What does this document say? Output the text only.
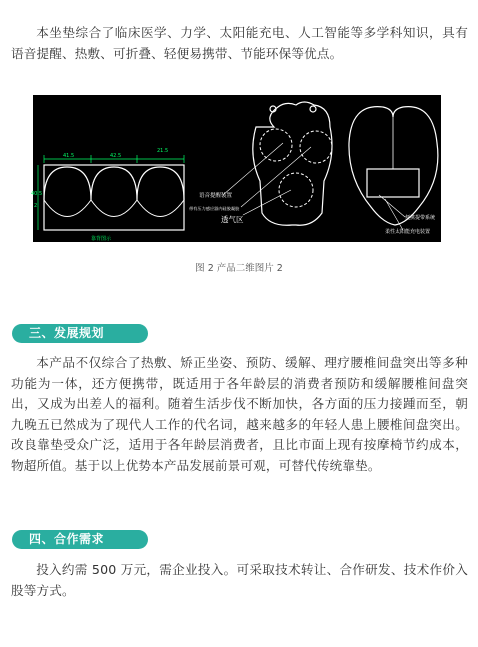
本坐垫综合了临床医学、力学、太阳能充电、人工智能等多学科知识，具有语音提醒、热敷、可折叠、轻便易携带、节能环保等优点。

41.5	42.5
21.5
40.5
2
靠背图示
语音提醒装置
带有压力感应器内硅胶凝胶
透气区	便携提带系统
柔性太阳能充电装置
图 2 产品二维图片 2
三、发展规划

本产品不仅综合了热敷、矫正坐姿、预防、缓解、理疗腰椎间盘突出等多种功能为一体，还方便携带，既适用于各年龄层的消费者预防和缓解腰椎间盘突出，又成为出差人的福利。随着生活步伐不断加快，各方面的压力接踵而至，朝九晚五已然成为了现代人工作的代名词，越来越多的年轻人患上腰椎间盘突出。改良靠垫受众广泛，适用于各年龄层消费者，且比市面上现有按摩椅节约成本，物超所值。基于以上优势本产品发展前景可观，可替代传统靠垫。

四、合作需求

投入约需 500 万元，需企业投入。可采取技术转让、合作研发、技术作价入股等方式。
